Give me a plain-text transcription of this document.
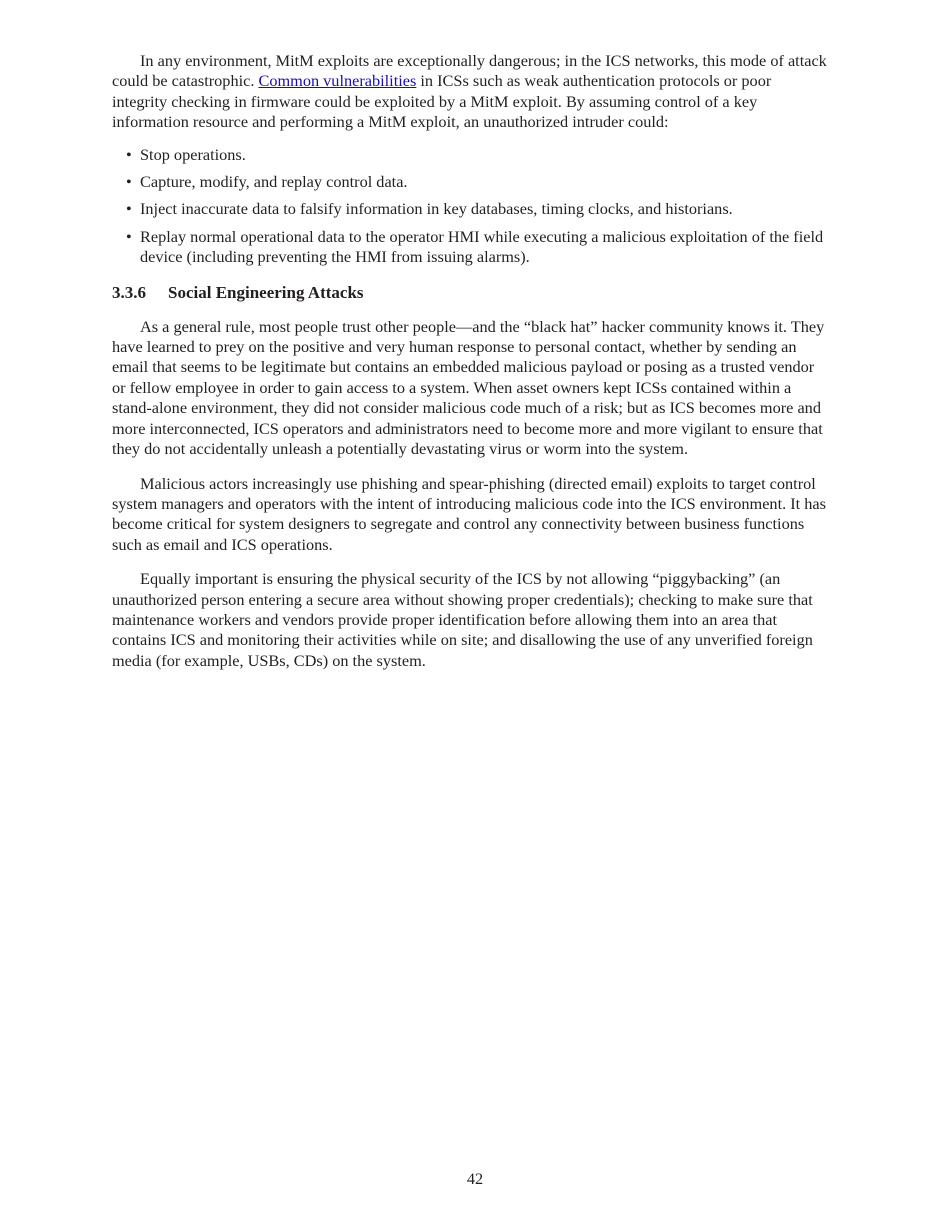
In any environment, MitM exploits are exceptionally dangerous; in the ICS networks, this mode of attack could be catastrophic. Common vulnerabilities in ICSs such as weak authentication protocols or poor integrity checking in firmware could be exploited by a MitM exploit. By assuming control of a key information resource and performing a MitM exploit, an unauthorized intruder could:

• Stop operations.
• Capture, modify, and replay control data.
• Inject inaccurate data to falsify information in key databases, timing clocks, and historians.
• Replay normal operational data to the operator HMI while executing a malicious exploitation of the field device (including preventing the HMI from issuing alarms).
3.3.6 Social Engineering Attacks

As a general rule, most people trust other people—and the “black hat” hacker community knows it. They have learned to prey on the positive and very human response to personal contact, whether by sending an email that seems to be legitimate but contains an embedded malicious payload or posing as a trusted vendor or fellow employee in order to gain access to a system. When asset owners kept ICSs contained within a stand-alone environment, they did not consider malicious code much of a risk; but as ICS becomes more and more interconnected, ICS operators and administrators need to become more and more vigilant to ensure that they do not accidentally unleash a potentially devastating virus or worm into the system.

Malicious actors increasingly use phishing and spear-phishing (directed email) exploits to target control system managers and operators with the intent of introducing malicious code into the ICS environment. It has become critical for system designers to segregate and control any connectivity between business functions such as email and ICS operations.

Equally important is ensuring the physical security of the ICS by not allowing “piggybacking” (an unauthorized person entering a secure area without showing proper credentials); checking to make sure that maintenance workers and vendors provide proper identification before allowing them into an area that contains ICS and monitoring their activities while on site; and disallowing the use of any unverified foreign media (for example, USBs, CDs) on the system.

42
